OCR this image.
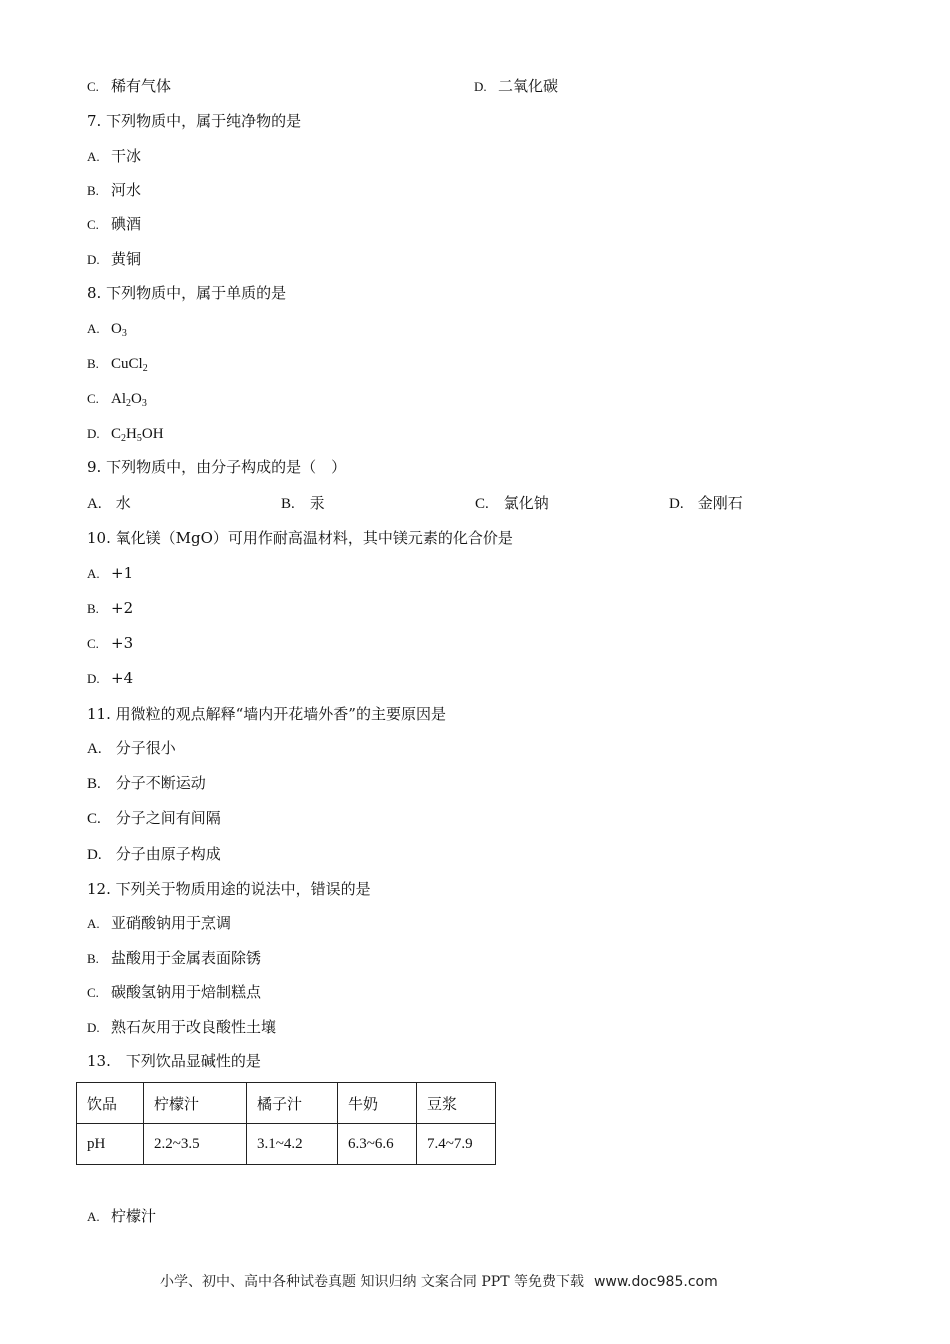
C. 稀有气体	D. 二氧化碳
7. 下列物质中，属于纯净物的是
A. 干冰
B. 河水
C. 碘酒
D. 黄铜
8. 下列物质中，属于单质的是
A. $O_3$
B. CuCl$_2$
C. $Al_2O_3$
D. $C_2H_5OH$
9. 下列物质中，由分子构成的是（　）
A. 水	B. 汞	C. 氯化钠	D. 金刚石
10. 氧化镁（MgO）可用作耐高温材料，其中镁元素的化合价是
A. +1
B. +2
C. +3
D. +4
11. 用微粒的观点解释“墙内开花墙外香”的主要原因是
A. 分子很小
B. 分子不断运动
C. 分子之间有间隔
D. 分子由原子构成
12. 下列关于物质用途的说法中，错误的是
A. 亚硝酸钠用于烹调
B. 盐酸用于金属表面除锈
C. 碳酸氢钠用于焙制糕点
D. 熟石灰用于改良酸性土壤
13.　下列饮品显碱性的是
饮品	柠檬汁	橘子汁	牛奶	豆浆
pH	2.2~3.5	3.1~4.2	6.3~6.6	7.4~7.9
A. 柠檬汁
小学、初中、高中各种试卷真题 知识归纳 文案合同 PPT 等免费下载 www.doc985.com
